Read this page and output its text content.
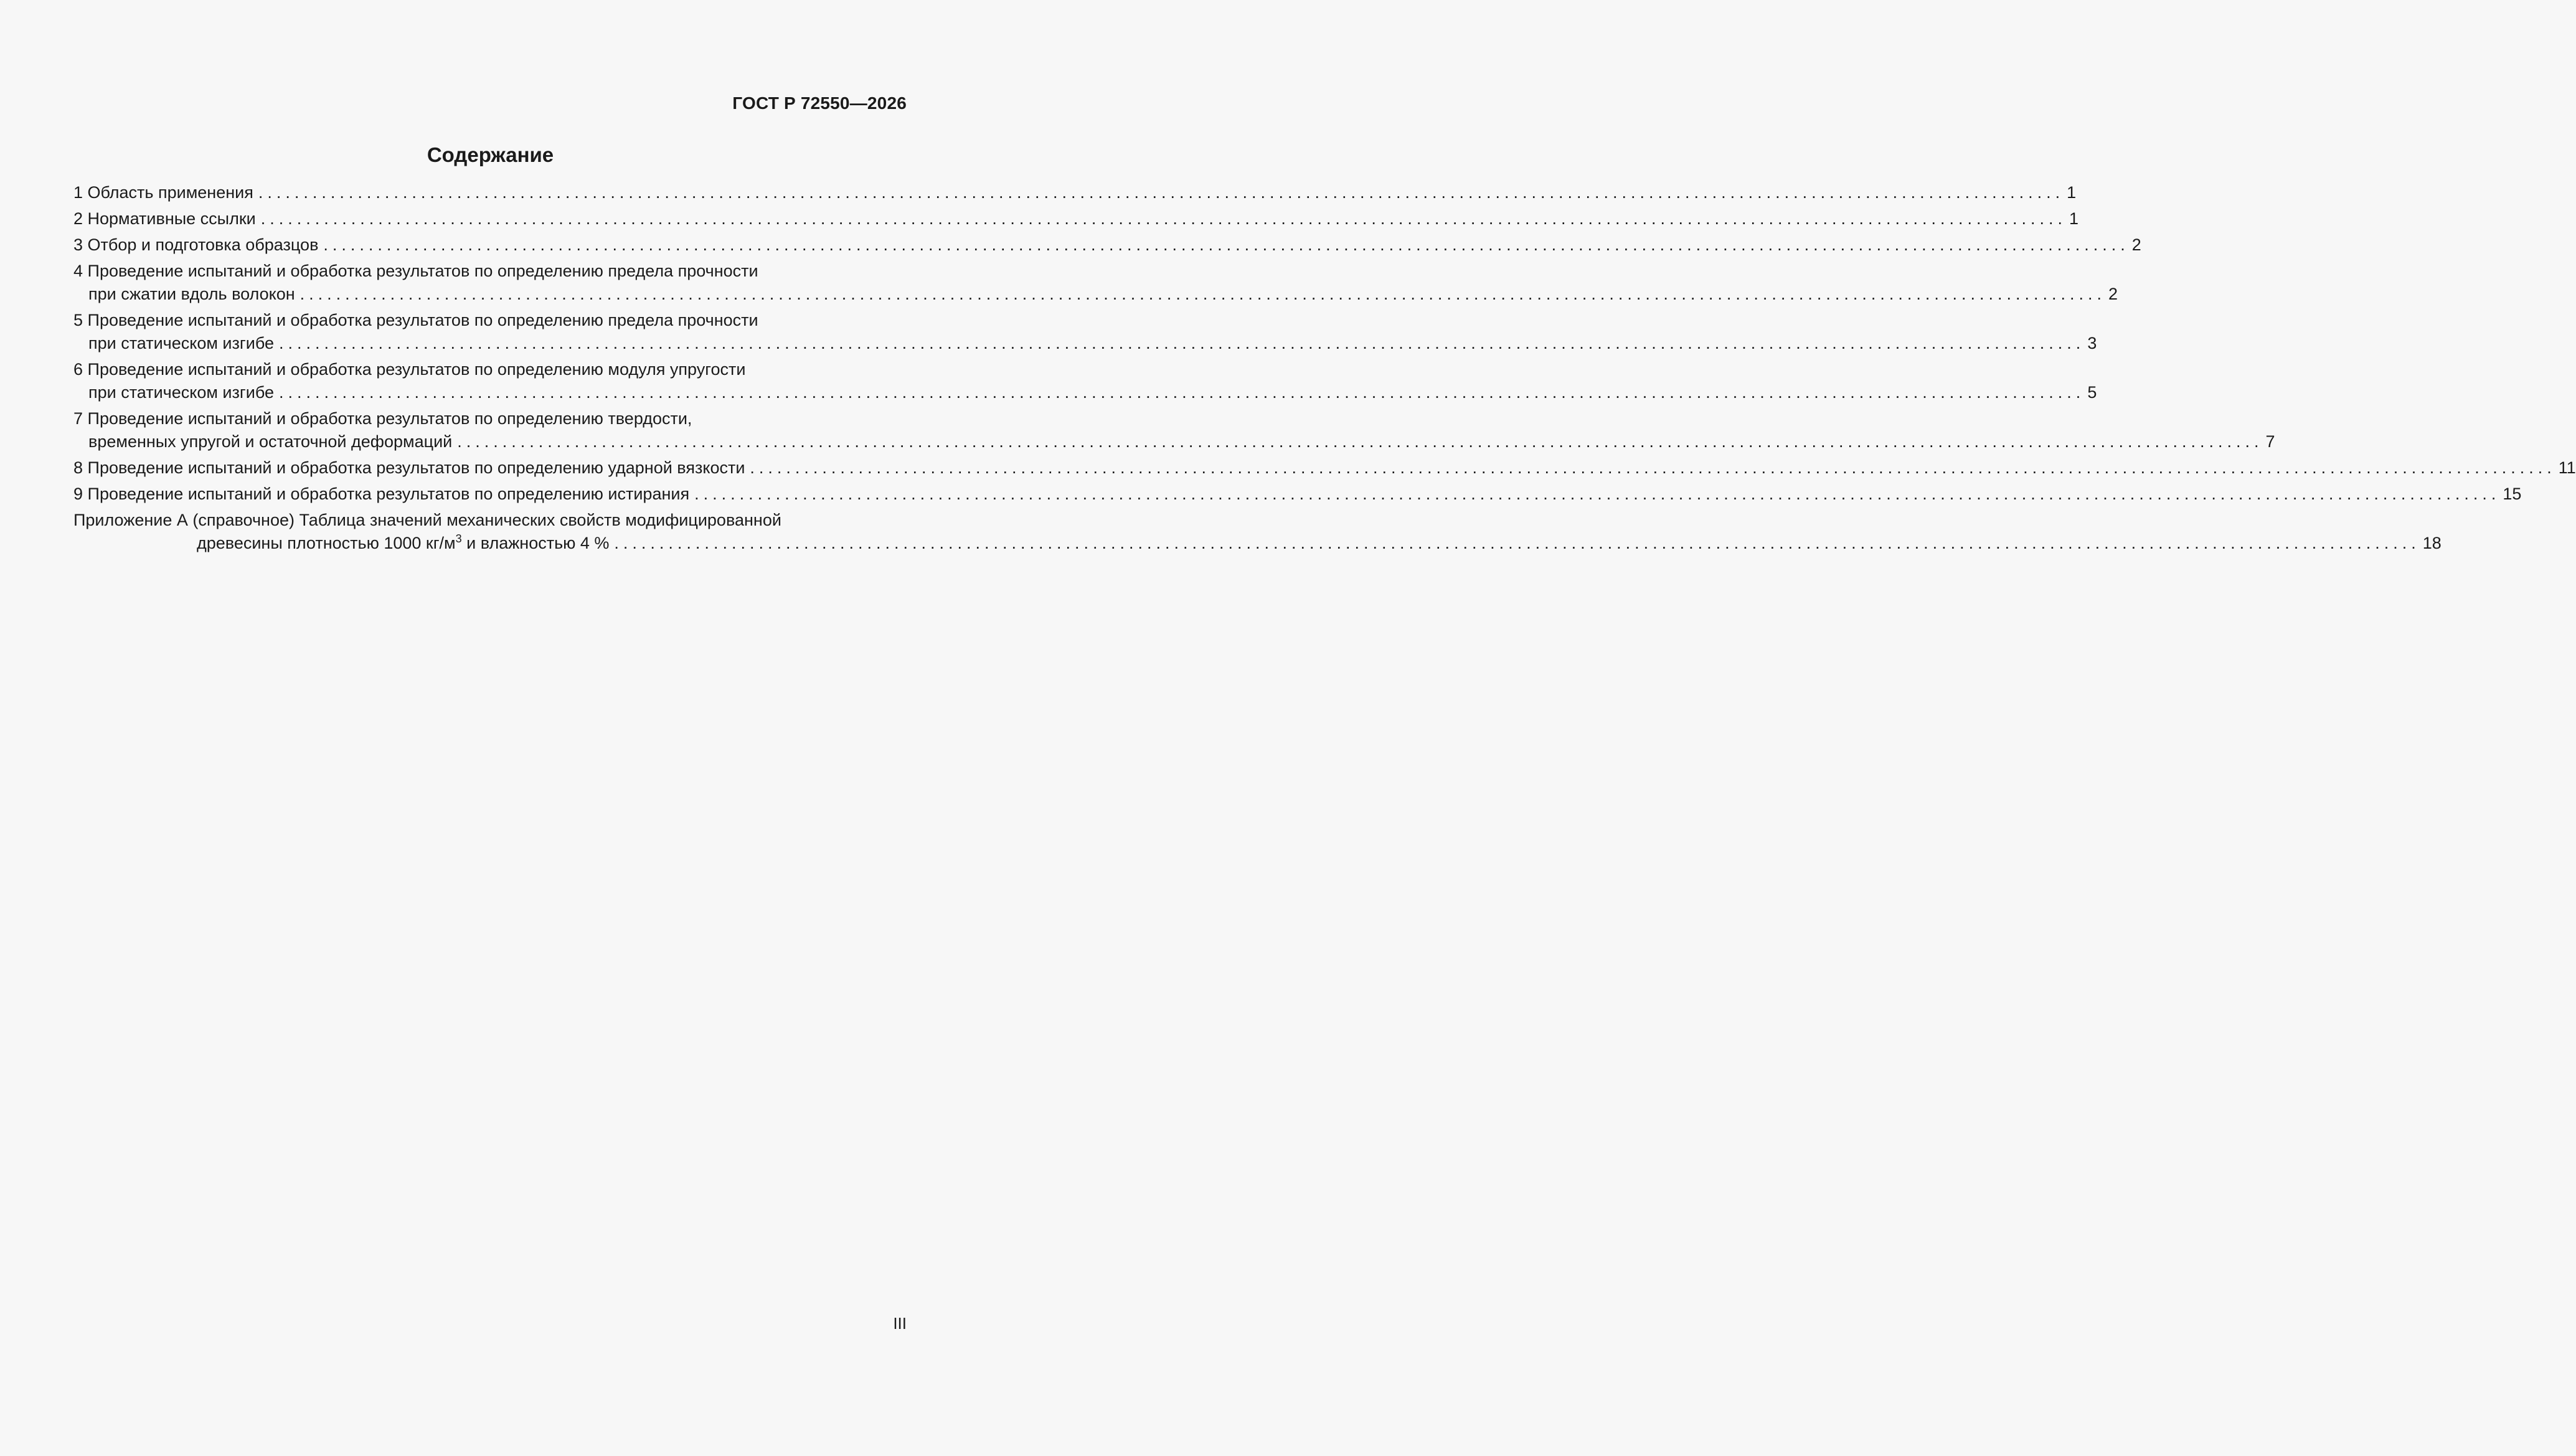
ГОСТ Р 72550—2026
Содержание
1 Область применения ........................................................................................................................................................................................................ 1
2 Нормативные ссылки ........................................................................................................................................................................................................ 1
3 Отбор и подготовка образцов ........................................................................................................................................................................................................ 2
4 Проведение испытаний и обработка результатов по определению предела прочности
при сжатии вдоль волокон ........................................................................................................................................................................................................ 2
5 Проведение испытаний и обработка результатов по определению предела прочности
при статическом изгибе ........................................................................................................................................................................................................ 3
6 Проведение испытаний и обработка результатов по определению модуля упругости
при статическом изгибе ........................................................................................................................................................................................................ 5
7 Проведение испытаний и обработка результатов по определению твердости,
временных упругой и остаточной деформаций ........................................................................................................................................................................................................ 7
8 Проведение испытаний и обработка результатов по определению ударной вязкости ........................................................................................................................................................................................................ 11
9 Проведение испытаний и обработка результатов по определению истирания ........................................................................................................................................................................................................ 15
Приложение А (справочное) Таблица значений механических свойств модифицированной
древесины плотностью 1000 $кг/м^3$ и влажностью 4 % ........................................................................................................................................................................................................ 18
III
